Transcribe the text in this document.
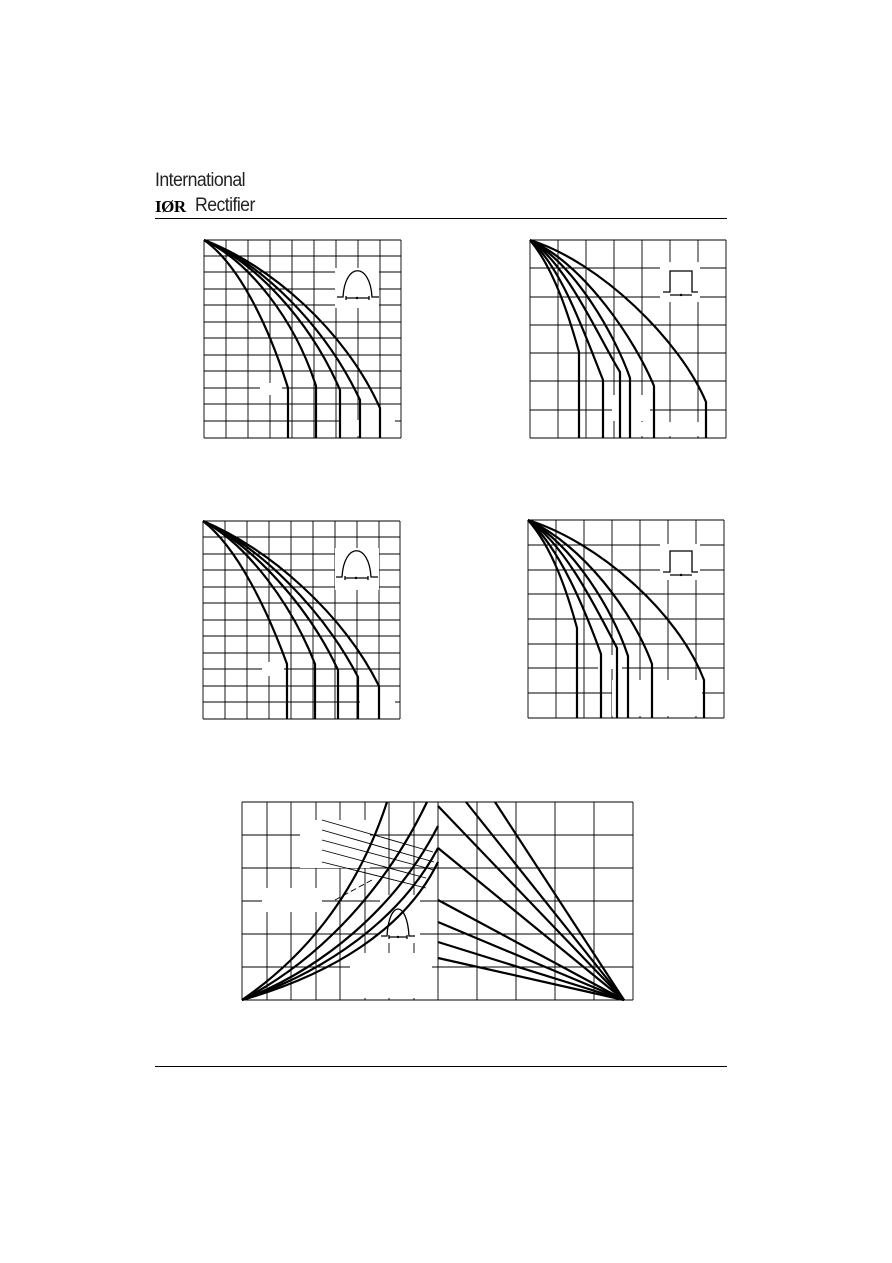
International
IØR Rectifier
